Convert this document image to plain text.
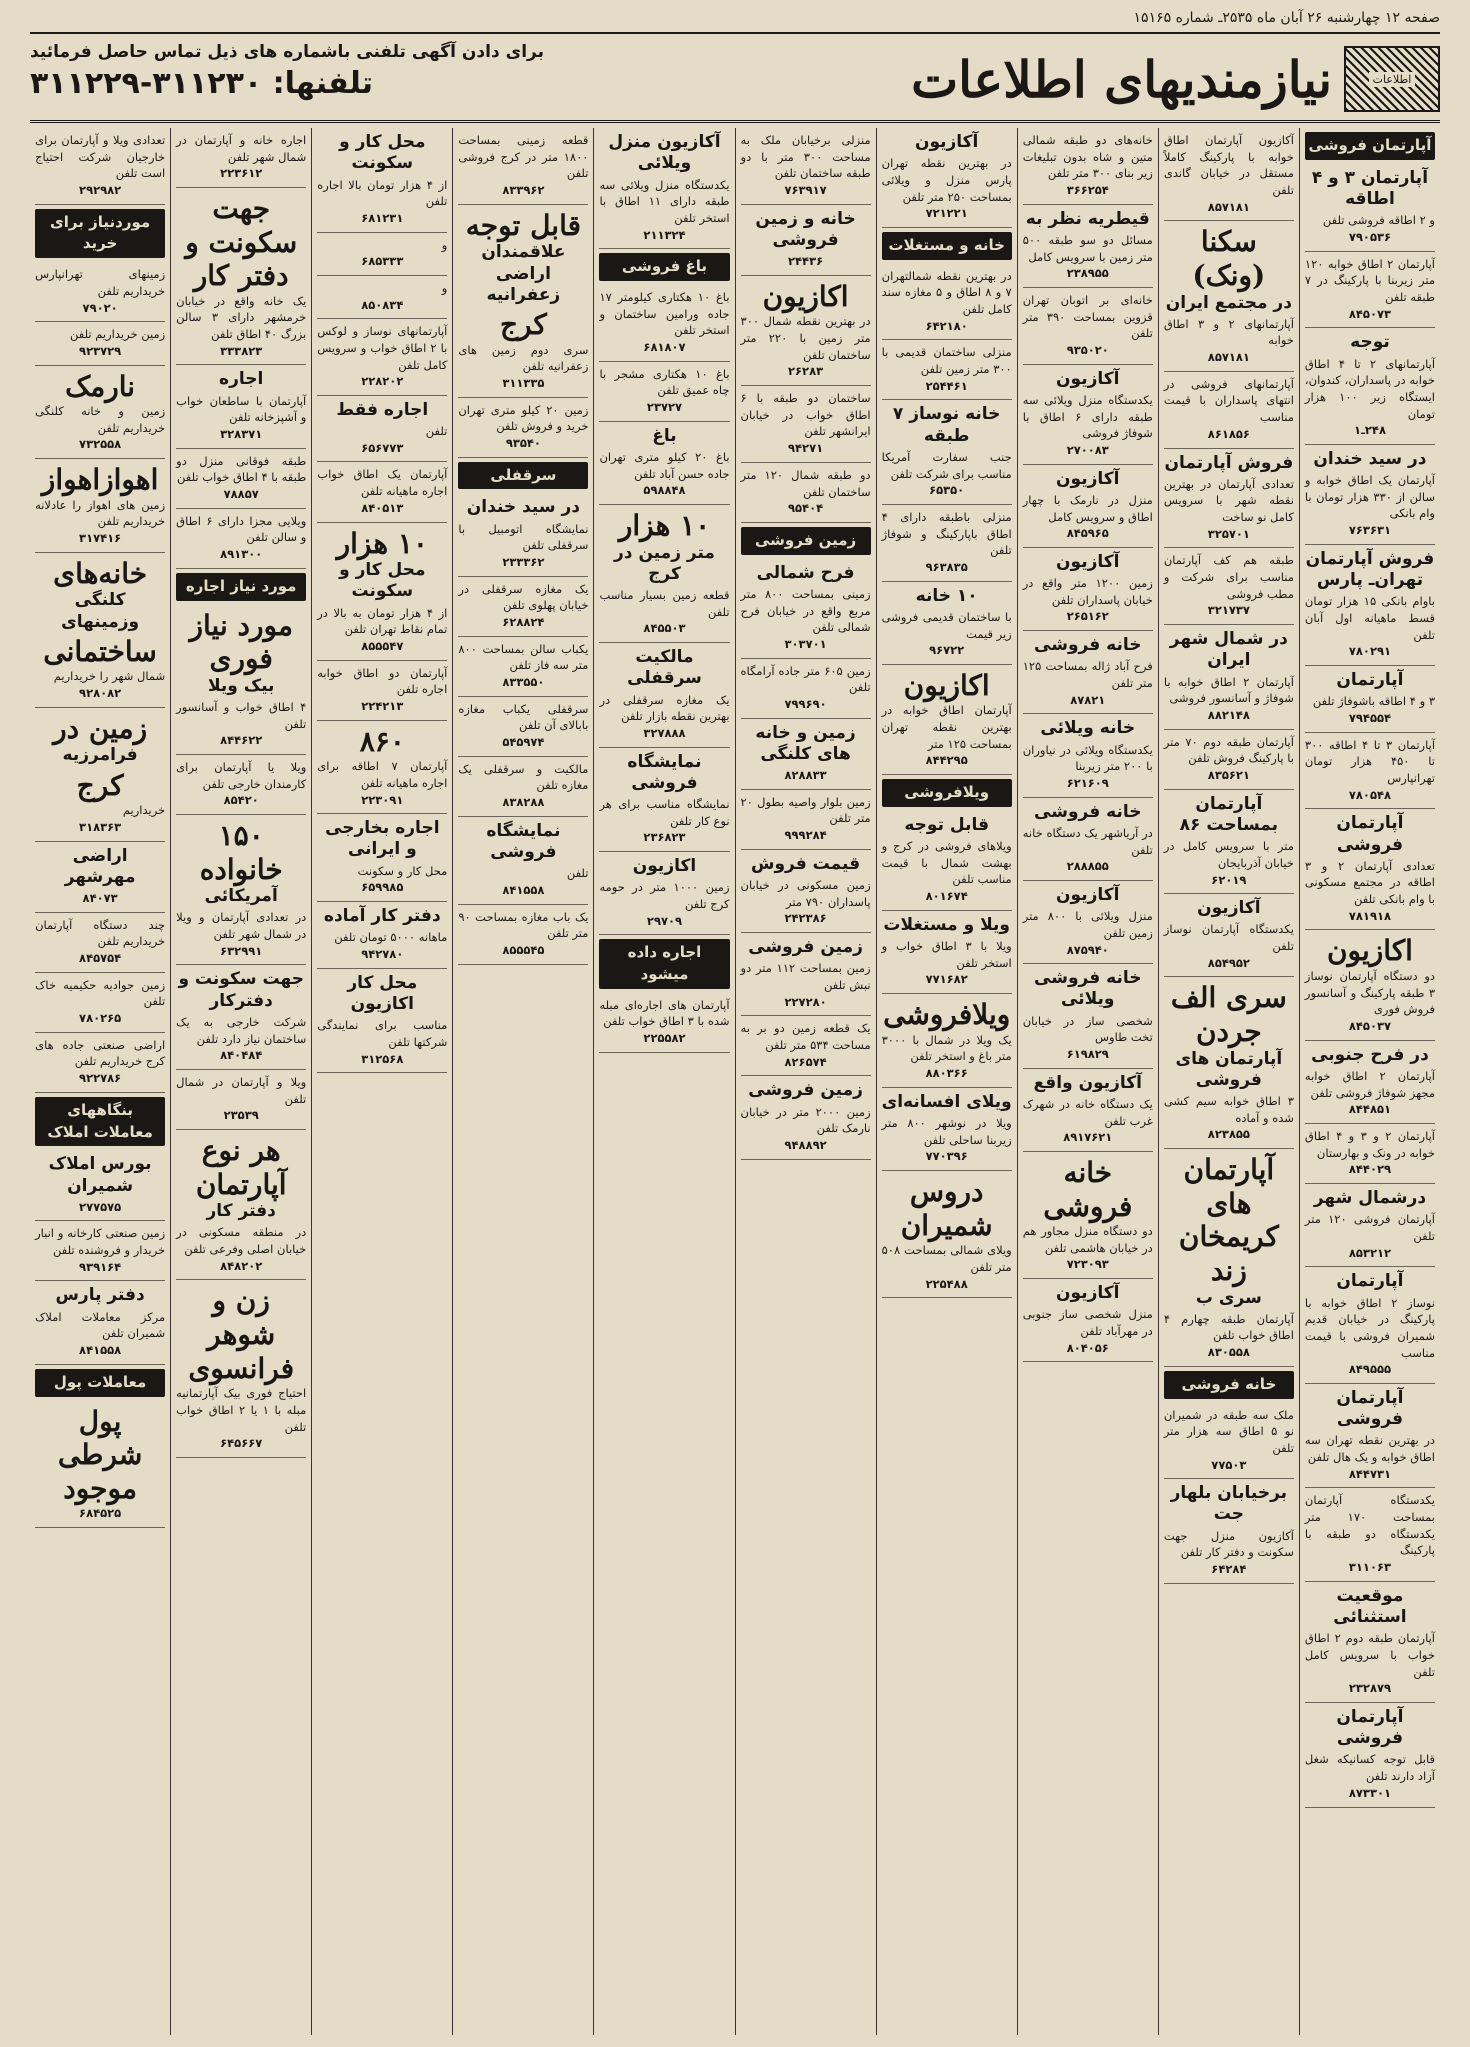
صفحه ۱۲ چهارشنبه ۲۶ آبان ماه ۲۵۳۵ـ شماره ۱۵۱۶۵
اطلاعات
نیازمندیهای اطلاعات
برای دادن آگهی تلفنی باشماره های ذیل تماس حاصل فرمائید
تلفنها: ۳۱۱۲۳۰-۳۱۱۲۲۹
آپارتمان فروشی
آپارتمان ۳ و ۴ اطاقه
و ۲ اطاقه فروشی تلفن
۷۹۰۵۳۶
آپارتمان ۲ اطاق خوابه ۱۲۰ متر زیربنا با پارکینگ در ۷ طبقه تلفن
۸۴۵۰۷۳
توجه
آپارتمانهای ۲ تا ۴ اطاق خوابه در پاسداران، کندوان، ایستگاه زیر ۱۰۰ هزار تومان
۲۴۸ـ۱
در سید خندان
آپارتمان یک اطاق خوابه و سالن از ۳۳۰ هزار تومان با وام بانکی
۷۶۳۶۳۱
فروش آپارتمان تهران‌ـ پارس
باوام بانکی ۱۵ هزار تومان قسط ماهیانه اول آبان تلفن
۷۸۰۲۹۱
آپارتمان
۳ و ۴ اطاقه باشوفاژ تلفن
۷۹۴۵۵۴
آپارتمان ۳ تا ۴ اطاقه ۳۰۰ تا ۴۵۰ هزار تومان تهرانپارس
۷۸۰۵۴۸
آپارتمان فروشی
تعدادی آپارتمان ۲ و ۳ اطاقه در مجتمع مسکونی با وام بانکی تلفن
۷۸۱۹۱۸
اکازیون
دو دستگاه آپارتمان نوساز ۳ طبقه پارکینگ و آسانسور فروش فوری
۸۴۵۰۳۷
در فرح جنوبی
آپارتمان ۲ اطاق خوابه مجهز شوفاژ فروشی تلفن
۸۴۴۸۵۱
آپارتمان ۲ و ۳ و ۴ اطاق خوابه در ونک و بهارستان
۸۴۴۰۲۹
درشمال شهر
آپارتمان فروشی ۱۲۰ متر تلفن
۸۵۳۲۱۲
آپارتمان
نوساز ۲ اطاق خوابه با پارکینگ در خیابان قدیم شمیران فروشی با قیمت مناسب
۸۴۹۵۵۵
آپارتمان فروشی
در بهترین نقطه تهران سه اطاق خوابه و یک هال تلفن
۸۴۴۷۳۱
یکدستگاه آپارتمان بمساحت ۱۷۰ متر یکدستگاه دو طبقه با پارکینگ
۳۱۱۰۶۳
موقعیت استثنائی
آپارتمان طبقه دوم ۲ اطاق خواب با سرویس کامل تلفن
۲۳۲۸۷۹
آپارتمان فروشی
قابل توجه کسانیکه شغل آزاد دارند تلفن
۸۷۳۳۰۱
آکازیون آپارتمان اطاق خوابه با پارکینگ کاملاً مستقل در خیابان گاندی تلفن
۸۵۷۱۸۱
سکنا (ونک)
در مجتمع ایران
آپارتمانهای ۲ و ۳ اطاق خوابه
۸۵۷۱۸۱
آپارتمانهای فروشی در انتهای پاسداران با قیمت مناسب
۸۶۱۸۵۶
فروش آپارتمان
تعدادی آپارتمان در بهترین نقطه شهر با سرویس کامل نو ساخت
۳۲۵۷۰۱
طبقه هم کف آپارتمان مناسب برای شرکت و مطب فروشی
۳۲۱۷۳۷
در شمال شهر ایران
آپارتمان ۲ اطاق خوابه با شوفاژ و آسانسور فروشی
۸۸۲۱۴۸
آپارتمان طبقه دوم ۷۰ متر با پارکینگ فروش تلفن
۸۳۵۶۲۱
آپارتمان بمساحت ۸۶
متر با سرویس کامل در خیابان آذربایجان
۶۲۰۱۹
آکازیون
یکدستگاه آپارتمان نوساز تلفن
۸۵۴۹۵۲
سری الف جردن
آپارتمان های فروشی
۳ اطاق خوابه سیم کشی شده و آماده
۸۲۳۸۵۵
آپارتمان های کریمخان زند
سری ب
آپارتمان طبقه چهارم ۴ اطاق خواب تلفن
۸۳۰۵۵۸
خانه فروشی
ملک سه طبقه در شمیران نو ۵ اطاق سه هزار متر تلفن
۷۷۵۰۳
برخیابان بلهار جت
آکازیون منزل جهت سکونت و دفتر کار تلفن
۶۴۲۸۴
خانه‌های دو طبقه شمالی متین و شاه بدون تبلیغات زیر بنای ۳۰۰ متر تلفن
۳۶۶۲۵۴
قیطریه نظر به
مسائل دو سو طبقه ۵۰۰ متر زمین با سرویس کامل
۲۳۸۹۵۵
خانه‌ای بر اتوبان تهران قزوین بمساحت ۳۹۰ متر تلفن
۹۳۵۰۲۰
آکازیون
یکدستگاه منزل ویلائی سه طبقه دارای ۶ اطاق با شوفاژ فروشی
۲۷۰۰۸۳
آکازیون
منزل در نارمک با چهار اطاق و سرویس کامل
۸۴۵۹۶۵
آکازیون
زمین ۱۲۰۰ متر واقع در خیابان پاسداران تلفن
۲۶۵۱۶۲
خانه فروشی
فرح آباد ژاله بمساحت ۱۲۵ متر تلفن
۸۷۸۲۱
خانه ویلائی
یکدستگاه ویلائی در نیاوران با ۲۰۰ متر زیربنا
۶۲۱۶۰۹
خانه فروشی
در آریاشهر یک دستگاه خانه تلفن
۲۸۸۸۵۵
آکازیون
منزل ویلائی با ۸۰۰ متر زمین تلفن
۸۷۵۹۴۰
خانه فروشی ویلائی
شخصی ساز در خیابان تخت طاوس
۶۱۹۸۲۹
آکازیون واقع
یک دستگاه خانه در شهرک غرب تلفن
۸۹۱۷۶۲۱
خانه فروشی
دو دستگاه منزل مجاور هم در خیابان هاشمی تلفن
۷۲۳۰۹۳
آکازیون
منزل شخصی ساز جنوبی در مهرآباد تلفن
۸۰۴۰۵۶
آکازیون
در بهترین نقطه تهران پارس منزل و ویلائی بمساحت ۲۵۰ متر تلفن
۷۲۱۲۲۱
خانه و مستغلات
در بهترین نقطه شمالتهران ۷ و ۸ اطاق و ۵ مغازه سند کامل تلفن
۶۴۲۱۸۰
منزلی ساختمان قدیمی با ۳۰۰ متر زمین تلفن
۲۵۴۴۶۱
خانه نوساز ۷ طبقه
جنب سفارت آمریکا مناسب برای شرکت تلفن
۶۵۳۵۰
منزلی باطبقه دارای ۴ اطاق باپارکینگ و شوفاژ تلفن
۹۶۳۸۳۵
۱۰ خانه
با ساختمان قدیمی فروشی زیر قیمت
۹۶۷۲۲
اکازیون
آپارتمان اطاق خوابه در بهترین نقطه تهران بمساحت ۱۲۵ متر
۸۴۴۲۹۵
ویلافروشی
قابل توجه
ویلاهای فروشی در کرج و بهشت شمال با قیمت مناسب تلفن
۸۰۱۶۷۴
ویلا و مستغلات
ویلا با ۳ اطاق خواب و استخر تلفن
۷۷۱۶۸۲
ویلافروشی
یک ویلا در شمال با ۳۰۰۰ متر باغ و استخر تلفن
۸۸۰۳۶۶
ویلای افسانه‌ای
ویلا در نوشهر ۸۰۰ متر زیربنا ساحلی تلفن
۷۷۰۳۹۶
دروس شمیران
ویلای شمالی بمساحت ۵۰۸ متر تلفن
۲۲۵۴۸۸
منزلی برخیابان ملک به مساحت ۳۰۰ متر با دو طبقه ساختمان تلفن
۷۶۳۹۱۷
خانه و زمین فروشی
۲۴۴۳۶
اکازیون
در بهترین نقطه شمال ۳۰۰ متر زمین با ۲۲۰ متر ساختمان تلفن
۲۶۲۸۳
ساختمان دو طبقه با ۶ اطاق خواب در خیابان ایرانشهر تلفن
۹۴۲۷۱
دو طبقه شمال ۱۲۰ متر ساختمان تلفن
۹۵۴۰۴
زمین فروشی
فرح شمالی
زمینی بمساحت ۸۰۰ متر مربع واقع در خیابان فرح شمالی تلفن
۳۰۳۷۰۱
زمین ۶۰۵ متر جاده آرامگاه تلفن
۷۹۹۶۹۰
زمین و خانه های کلنگی
۸۲۸۸۳۳
زمین بلوار واصیه بطول ۲۰ متر تلفن
۹۹۹۲۸۴
قیمت فروش
زمین مسکونی در خیابان پاسداران ۷۹۰ متر
۲۴۲۳۸۶
زمین فروشی
زمین بمساحت ۱۱۲ متر دو نبش تلفن
۲۲۷۲۸۰
یک قطعه زمین دو بر به مساحت ۵۳۴ متر تلفن
۸۲۶۵۷۴
زمین فروشی
زمین ۲۰۰۰ متر در خیابان نارمک تلفن
۹۴۸۸۹۲
آکازیون منزل ویلائی
یکدستگاه منزل ویلائی سه طبقه دارای ۱۱ اطاق با استخر تلفن
۲۱۱۳۲۴
باغ فروشی
باغ ۱۰ هکتاری کیلومتر ۱۷ جاده ورامین ساختمان و استخر تلفن
۶۸۱۸۰۷
باغ ۱۰ هکتاری مشجر با چاه عمیق تلفن
۲۳۷۲۷
باغ
باغ ۲۰ کیلو متری تهران جاده حسن آباد تلفن
۵۹۸۸۴۸
۱۰ هزار
متر زمین در کرج
قطعه زمین بسیار مناسب تلفن
۸۴۵۵۰۳
مالکیت سرقفلی
یک مغازه سرقفلی در بهترین نقطه بازار تلفن
۳۲۷۸۸۸
نمایشگاه فروشی
نمایشگاه مناسب برای هر نوع کار تلفن
۲۳۶۸۲۳
اکازیون
زمین ۱۰۰۰ متر در حومه کرج تلفن
۲۹۷۰۹
اجاره داده میشود
آپارتمان های اجاره‌ای مبله شده با ۳ اطاق خواب تلفن
۲۲۵۵۸۲
قطعه زمینی بمساحت ۱۸۰۰ متر در کرج فروشی تلفن
۸۳۳۹۶۲
قابل توجه
علاقمندان اراضی زعفرانیه
کرج
سری دوم زمین های زعفرانیه تلفن
۳۱۱۳۳۵
زمین ۲۰ کیلو متری تهران خرید و فروش تلفن
۹۳۵۴۰
سرقفلی
در سید خندان
نمایشگاه اتومبیل با سرقفلی تلفن
۲۳۳۳۶۲
یک مغازه سرقفلی در خیابان پهلوی تلفن
۶۲۸۸۲۴
یکباب سالن بمساحت ۸۰۰ متر سه فاز تلفن
۸۳۳۵۵۰
سرقفلی یکباب مغازه بابالای آن تلفن
۵۴۵۹۷۴
مالکیت و سرقفلی یک مغازه تلفن
۸۳۸۲۸۸
نمایشگاه فروشی
تلفن
۸۴۱۵۵۸
یک باب مغازه بمساحت ۹۰ متر تلفن
۸۵۵۵۴۵
محل کار و سکونت
از ۴ هزار تومان بالا اجاره تلفن
۶۸۱۲۳۱
و
۶۸۵۳۳۳
و
۸۵۰۸۳۴
آپارتمانهای نوساز و لوکس با ۲ اطاق خواب و سرویس کامل تلفن
۲۲۸۲۰۲
اجاره فقط
تلفن
۶۵۶۷۷۳
آپارتمان یک اطاق خواب اجاره ماهیانه تلفن
۸۴۰۵۱۳
۱۰ هزار
محل کار و سکونت
از ۴ هزار تومان به بالا در تمام نقاط تهران تلفن
۸۵۵۵۴۷
آپارتمان دو اطاق خوابه اجاره تلفن
۲۲۴۲۱۳
۸۶۰
آپارتمان ۷ اطاقه برای اجاره ماهیانه تلفن
۲۲۳۰۹۱
اجاره بخارجی و ایرانی
محل کار و سکونت
۶۵۹۹۸۵
دفتر کار آماده
ماهانه ۵۰۰۰ تومان تلفن
۹۴۲۷۸۰
محل کار اکازیون
مناسب برای نمایندگی شرکتها تلفن
۳۱۲۵۶۸
اجاره خانه و آپارتمان در شمال شهر تلفن
۲۲۳۶۱۲
جهت سکونت و دفتر کار
یک خانه واقع در خیابان خرمشهر دارای ۳ سالن بزرگ ۴۰ اطاق تلفن
۳۳۳۸۲۳
اجاره
آپارتمان با ساطعان خواب و آشپزخانه تلفن
۳۲۸۳۷۱
طبقه فوقانی منزل دو طبقه با ۴ اطاق خواب تلفن
۷۸۸۵۷
ویلایی مجزا دارای ۶ اطاق و سالن تلفن
۸۹۱۳۰۰
مورد نیاز اجاره
مورد نیاز فوری
بیک ویلا
۴ اطاق خواب و آسانسور تلفن
۸۴۴۶۲۲
ویلا یا آپارتمان برای کارمندان خارجی تلفن
۸۵۴۲۰
۱۵۰ خانواده
آمریکائی
در تعدادی آپارتمان و ویلا در شمال شهر تلفن
۶۳۲۹۹۱
جهت سکونت و دفترکار
شرکت خارجی به یک ساختمان نیاز دارد تلفن
۸۴۰۴۸۴
ویلا و آپارتمان در شمال تلفن
۲۳۵۳۹
هر نوع آپارتمان
دفتر کار
در منطقه مسکونی در خیابان اصلی وفرعی تلفن
۸۴۸۲۰۲
زن و شوهر فرانسوی
احتیاج فوری بیک آپارتمانیه مبله با ۱ یا ۲ اطاق خواب تلفن
۶۴۵۶۶۷
تعدادی ویلا و آپارتمان برای خارجیان شرکت احتیاج است تلفن
۲۹۲۹۸۲
موردنیاز برای خرید
زمینهای تهرانپارس خریداریم تلفن
۷۹۰۲۰
زمین خریداریم تلفن
۹۲۳۷۲۹
نارمک
زمین و خانه کلنگی خریداریم تلفن
۷۳۲۵۵۸
اهوازاهواز
زمین های اهواز را عادلانه خریداریم تلفن
۳۱۷۴۱۶
خانه‌های
کلنگی وزمینهای
ساختمانی
شمال شهر را خریداریم
۹۲۸۰۸۲
زمین در
فرامرزیه
کرج
خریداریم
۳۱۸۳۶۳
اراضی مهرشهر
۸۴۰۷۳
چند دستگاه آپارتمان خریداریم تلفن
۸۴۵۷۵۴
زمین جوادیه حکیمیه خاک تلفن
۷۸۰۲۶۵
اراضی صنعتی جاده های کرج خریداریم تلفن
۹۲۲۷۸۶
بنگاههای معاملات املاک
بورس املاک شمیران
۲۷۷۵۷۵
زمین صنعتی کارخانه و انبار خریدار و فروشنده تلفن
۹۳۹۱۶۴
دفتر پارس
مرکز معاملات املاک شمیران تلفن
۸۴۱۵۵۸
معاملات پول
پول شرطی موجود
۶۸۴۵۲۵
